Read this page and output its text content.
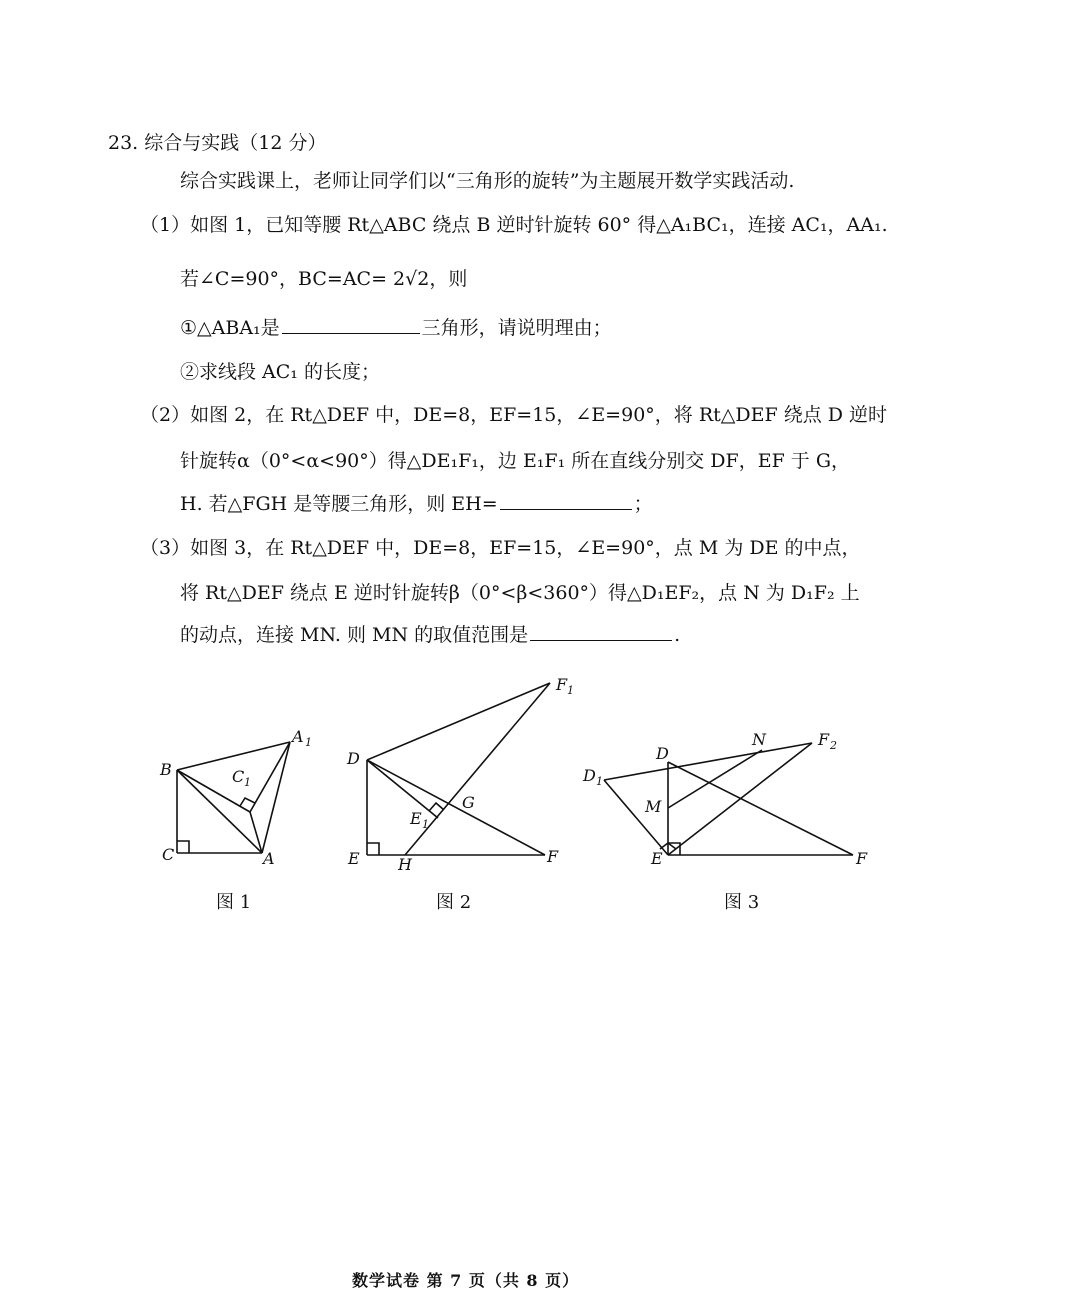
23. 综合与实践（12 分）
综合实践课上，老师让同学们以“三角形的旋转”为主题展开数学实践活动.
（1）如图 1，已知等腰 Rt△ABC 绕点 B 逆时针旋转 60° 得△A₁BC₁，连接 AC₁，AA₁.
若∠C=90°，BC=AC= 2√2，则
①△ABA₁是	三角形，请说明理由；
②求线段 AC₁ 的长度；
（2）如图 2，在 Rt△DEF 中，DE=8，EF=15，∠E=90°，将 Rt△DEF 绕点 D 逆时
针旋转α（0°<α<90°）得△DE₁F₁，边 E₁F₁ 所在直线分别交 DF，EF 于 G，
H. 若△FGH 是等腰三角形，则 EH=	；
（3）如图 3，在 Rt△DEF 中，DE=8，EF=15，∠E=90°，点 M 为 DE 的中点，
将 Rt△DEF 绕点 E 逆时针旋转β（0°<β<360°）得△D₁EF₂，点 N 为 D₁F₂ 上
的动点，连接 MN. 则 MN 的取值范围是	.
B
C	A
A 1
C 1
D
E H	F
G
E 1
F 1
D
D 1
M
N	F 2
E	F
图 1	图 2	图 3
数学试卷 第 7 页（共 8 页）
